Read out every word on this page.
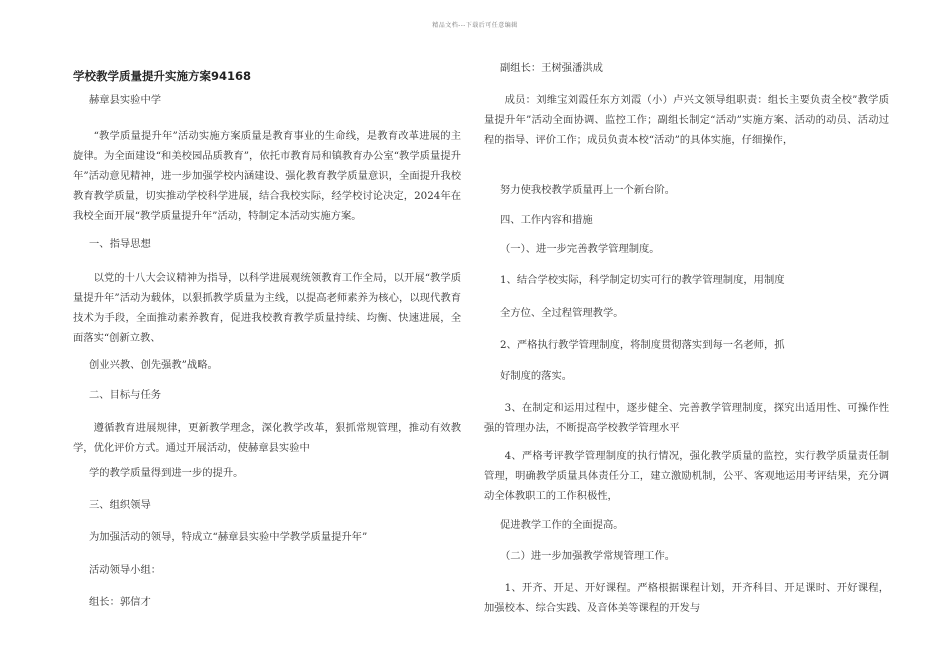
精品文档---下载后可任意编辑

学校教学质量提升实施方案94168

赫章县实验中学

“教学质量提升年”活动实施方案质量是教育事业的生命线，是教育改革进展的主旋律。为全面建设“和美校园品质教育”，依托市教育局和镇教育办公室“教学质量提升年”活动意见精神，进一步加强学校内涵建设、强化教育教学质量意识，全面提升我校教育教学质量，切实推动学校科学进展，结合我校实际，经学校讨论决定，2024年在我校全面开展“教学质量提升年”活动，特制定本活动实施方案。

一、指导思想

以党的十八大会议精神为指导，以科学进展观统领教育工作全局，以开展“教学质量提升年”活动为载体，以狠抓教学质量为主线，以提高老师素养为核心，以现代教育技术为手段，全面推动素养教育，促进我校教育教学质量持续、均衡、快速进展，全面落实“创新立教、

创业兴教、创先强教”战略。

二、目标与任务

遵循教育进展规律，更新教学理念，深化教学改革，狠抓常规管理，推动有效教学，优化评价方式。通过开展活动，使赫章县实验中

学的教学质量得到进一步的提升。

三、组织领导

为加强活动的领导，特成立“赫章县实验中学教学质量提升年”

活动领导小组：

组长：郭信才

副组长：王树强潘洪成

成员：刘维宝刘霞任东方刘霞（小）卢兴文领导组职责：组长主要负责全校”教学质量提升年”活动全面协调、监控工作；副组长制定“活动”实施方案、活动的动员、活动过程的指导、评价工作；成员负责本校“活动”的具体实施，仔细操作，

努力使我校教学质量再上一个新台阶。

四、工作内容和措施

（一）、进一步完善教学管理制度。

1、结合学校实际，科学制定切实可行的教学管理制度，用制度

全方位、全过程管理教学。

2、严格执行教学管理制度，将制度贯彻落实到每一名老师，抓

好制度的落实。

3、在制定和运用过程中，逐步健全、完善教学管理制度，探究出适用性、可操作性强的管理办法，不断提高学校教学管理水平

4、严格考评教学管理制度的执行情况，强化教学质量的监控，实行教学质量责任制管理，明确教学质量具体责任分工，建立激励机制，公平、客观地运用考评结果，充分调动全体教职工的工作积极性，

促进教学工作的全面提高。

（二）进一步加强教学常规管理工作。

1、开齐、开足、开好课程。严格根据课程计划，开齐科目、开足课时、开好课程，加强校本、综合实践、及音体美等课程的开发与
